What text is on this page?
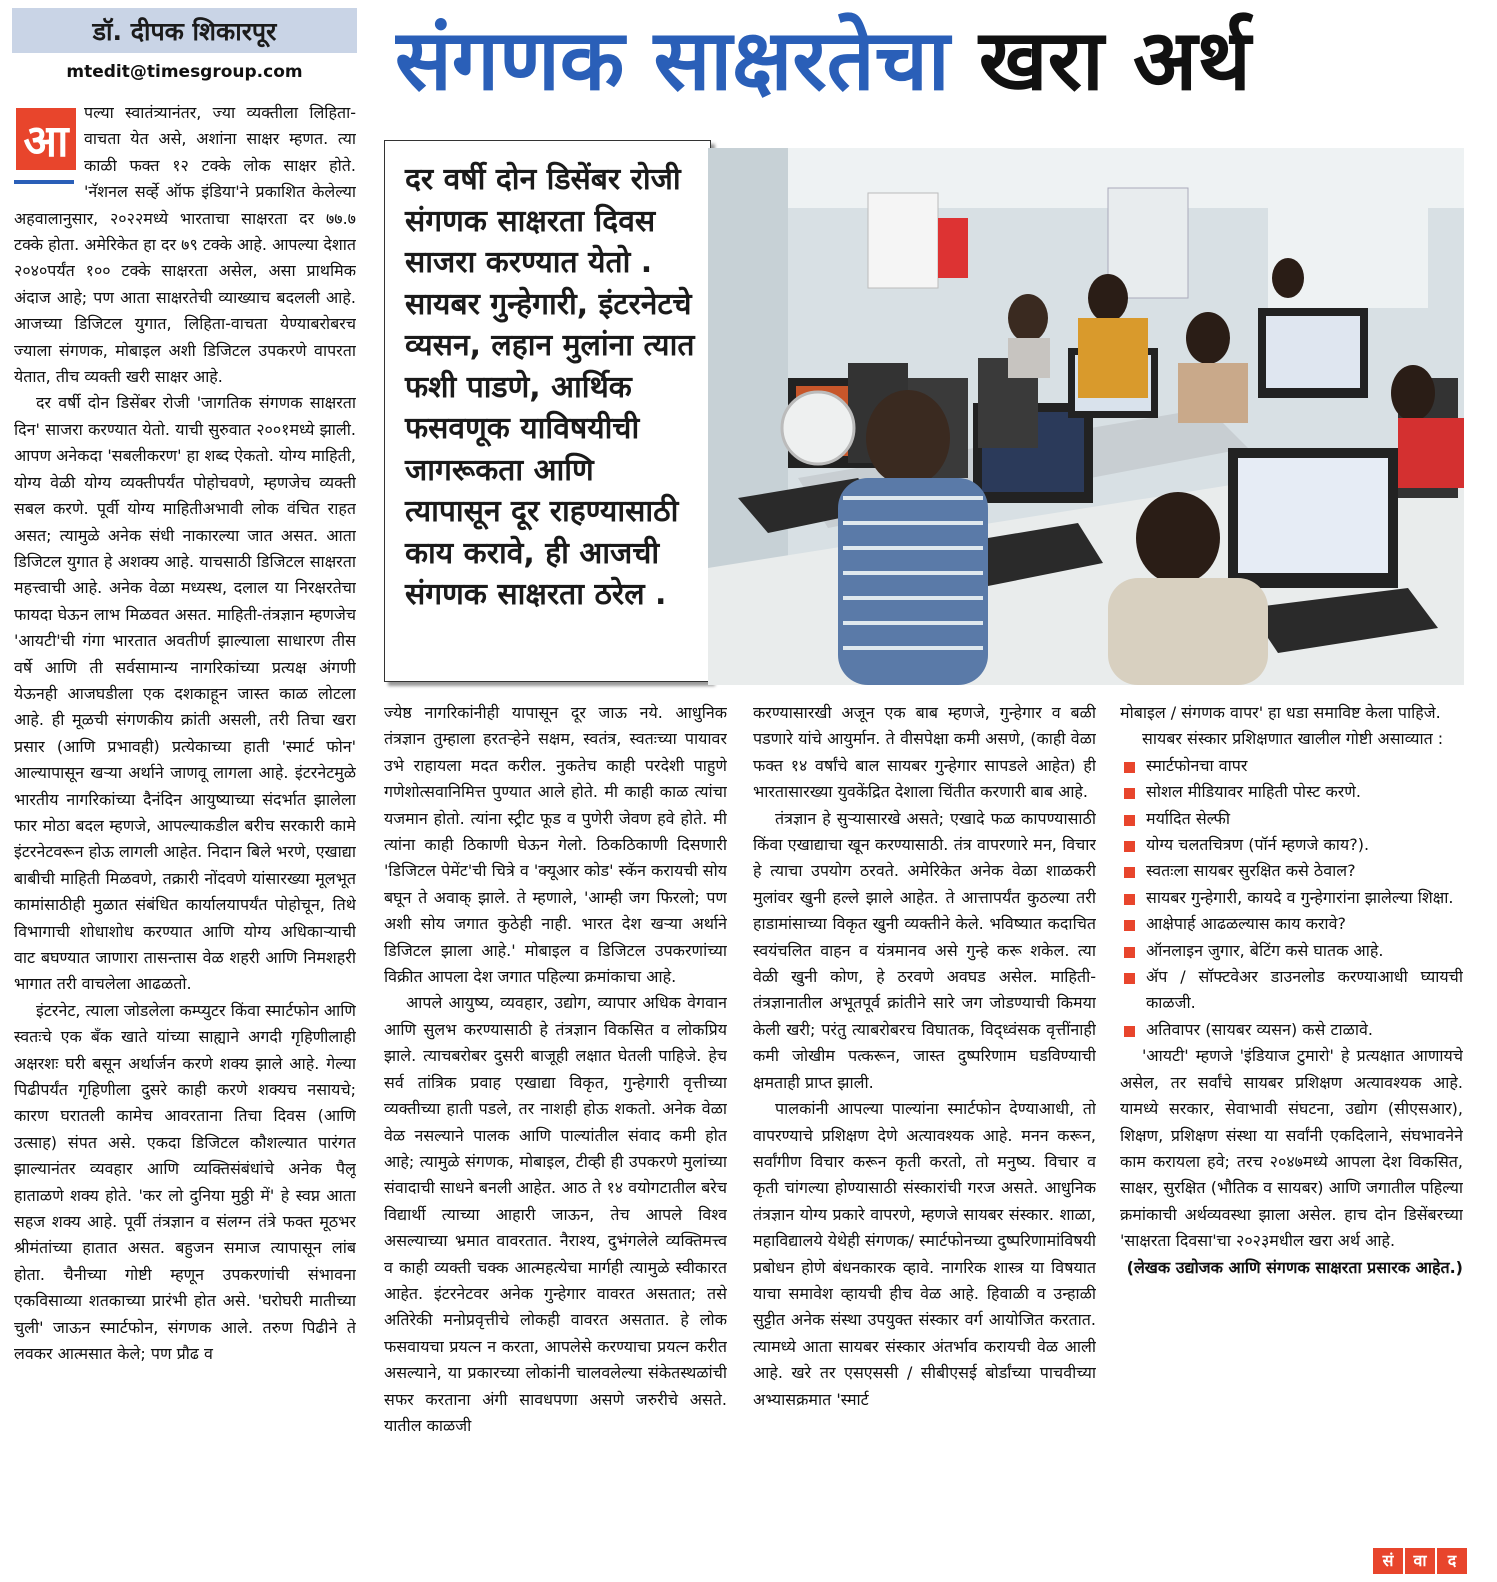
डॉ. दीपक शिकारपूर
mtedit@timesgroup.com	संगणक साक्षरतेचा खरा अर्थ
आ

पल्या स्वातंत्र्यानंतर, ज्या व्यक्तीला लिहिता-वाचता येत असे, अशांना साक्षर म्हणत. त्या काळी फक्त १२ टक्के लोक साक्षर होते. 'नॅशनल सर्व्हे ऑफ इंडिया'ने प्रकाशित केलेल्या अहवालानुसार, २०२२मध्ये भारताचा साक्षरता दर ७७.७ टक्के होता. अमेरिकेत हा दर ७९ टक्के आहे. आपल्या देशात २०४०पर्यंत १०० टक्के साक्षरता असेल, असा प्राथमिक अंदाज आहे; पण आता साक्षरतेची व्याख्याच बदलली आहे. आजच्या डिजिटल युगात, लिहिता-वाचता येण्याबरोबरच ज्याला संगणक, मोबाइल अशी डिजिटल उपकरणे वापरता येतात, तीच व्यक्ती खरी साक्षर आहे.

दर वर्षी दोन डिसेंबर रोजी 'जागतिक संगणक साक्षरता दिन' साजरा करण्यात येतो. याची सुरुवात २००१मध्ये झाली. आपण अनेकदा 'सबलीकरण' हा शब्द ऐकतो. योग्य माहिती, योग्य वेळी योग्य व्यक्तीपर्यंत पोहोचवणे, म्हणजेच व्यक्ती सबल करणे. पूर्वी योग्य माहितीअभावी लोक वंचित राहत असत; त्यामुळे अनेक संधी नाकारल्या जात असत. आता डिजिटल युगात हे अशक्य आहे. याचसाठी डिजिटल साक्षरता महत्त्वाची आहे. अनेक वेळा मध्यस्थ, दलाल या निरक्षरतेचा फायदा घेऊन लाभ मिळवत असत. माहिती-तंत्रज्ञान म्हणजेच 'आयटी'ची गंगा भारतात अवतीर्ण झाल्याला साधारण तीस वर्षे आणि ती सर्वसामान्य नागरिकांच्या प्रत्यक्ष अंगणी येऊनही आजघडीला एक दशकाहून जास्त काळ लोटला आहे. ही मूळची संगणकीय क्रांती असली, तरी तिचा खरा प्रसार (आणि प्रभावही) प्रत्येकाच्या हाती 'स्मार्ट फोन' आल्यापासून खऱ्या अर्थाने जाणवू लागला आहे. इंटरनेटमुळे भारतीय नागरिकांच्या दैनंदिन आयुष्याच्या संदर्भात झालेला फार मोठा बदल म्हणजे, आपल्याकडील बरीच सरकारी कामे इंटरनेटवरून होऊ लागली आहेत. निदान बिले भरणे, एखाद्या बाबीची माहिती मिळवणे, तक्रारी नोंदवणे यांसारख्या मूलभूत कामांसाठीही मुळात संबंधित कार्यालयापर्यंत पोहोचून, तिथे विभागाची शोधाशोध करण्यात आणि योग्य अधिकाऱ्याची वाट बघण्यात जाणारा तासन्तास वेळ शहरी आणि निमशहरी भागात तरी वाचलेला आढळतो.

इंटरनेट, त्याला जोडलेला कम्प्युटर किंवा स्मार्टफोन आणि स्वतःचे एक बँक खाते यांच्या साह्याने अगदी गृहिणीलाही अक्षरशः घरी बसून अर्थार्जन करणे शक्य झाले आहे. गेल्या पिढीपर्यंत गृहिणीला दुसरे काही करणे शक्यच नसायचे; कारण घरातली कामेच आवरताना तिचा दिवस (आणि उत्साह) संपत असे. एकदा डिजिटल कौशल्यात पारंगत झाल्यानंतर व्यवहार आणि व्यक्तिसंबंधांचे अनेक पैलू हाताळणे शक्य होते. 'कर लो दुनिया मुठ्ठी में' हे स्वप्न आता सहज शक्य आहे. पूर्वी तंत्रज्ञान व संलग्न तंत्रे फक्त मूठभर श्रीमंतांच्या हातात असत. बहुजन समाज त्यापासून लांब होता. चैनीच्या गोष्टी म्हणून उपकरणांची संभावना एकविसाव्या शतकाच्या प्रारंभी होत असे. 'घरोघरी मातीच्या चुली' जाऊन स्मार्टफोन, संगणक आले. तरुण पिढीने ते लवकर आत्मसात केले; पण प्रौढ व

दर वर्षी दोन डिसेंबर रोजी संगणक साक्षरता दिवस साजरा करण्यात येतो . सायबर गुन्हेगारी, इंटरनेटचे व्यसन, लहान मुलांना त्यात फशी पाडणे, आर्थिक फसवणूक याविषयीची जागरूकता आणि त्यापासून दूर राहण्यासाठी काय करावे, ही आजची संगणक साक्षरता ठरेल .

ज्येष्ठ नागरिकांनीही यापासून दूर जाऊ नये. आधुनिक तंत्रज्ञान तुम्हाला हरतऱ्हेने सक्षम, स्वतंत्र, स्वतःच्या पायावर उभे राहायला मदत करील. नुकतेच काही परदेशी पाहुणे गणेशोत्सवानिमित्त पुण्यात आले होते. मी काही काळ त्यांचा यजमान होतो. त्यांना स्ट्रीट फूड व पुणेरी जेवण हवे होते. मी त्यांना काही ठिकाणी घेऊन गेलो. ठिकठिकाणी दिसणारी 'डिजिटल पेमेंट'ची चित्रे व 'क्यूआर कोड' स्कॅन करायची सोय बघून ते अवाक् झाले. ते म्हणाले, 'आम्ही जग फिरलो; पण अशी सोय जगात कुठेही नाही. भारत देश खऱ्या अर्थाने डिजिटल झाला आहे.' मोबाइल व डिजिटल उपकरणांच्या विक्रीत आपला देश जगात पहिल्या क्रमांकाचा आहे.

आपले आयुष्य, व्यवहार, उद्योग, व्यापार अधिक वेगवान आणि सुलभ करण्यासाठी हे तंत्रज्ञान विकसित व लोकप्रिय झाले. त्याचबरोबर दुसरी बाजूही लक्षात घेतली पाहिजे. हेच सर्व तांत्रिक प्रवाह एखाद्या विकृत, गुन्हेगारी वृत्तीच्या व्यक्तीच्या हाती पडले, तर नाशही होऊ शकतो. अनेक वेळा वेळ नसल्याने पालक आणि पाल्यांतील संवाद कमी होत आहे; त्यामुळे संगणक, मोबाइल, टीव्ही ही उपकरणे मुलांच्या संवादाची साधने बनली आहेत. आठ ते १४ वयोगटातील बरेच विद्यार्थी त्याच्या आहारी जाऊन, तेच आपले विश्व असल्याच्या भ्रमात वावरतात. नैराश्य, दुभंगलेले व्यक्तिमत्त्व व काही व्यक्ती चक्क आत्महत्येचा मार्गही त्यामुळे स्वीकारत आहेत. इंटरनेटवर अनेक गुन्हेगार वावरत असतात; तसे अतिरेकी मनोप्रवृत्तीचे लोकही वावरत असतात. हे लोक फसवायचा प्रयत्न न करता, आपलेसे करण्याचा प्रयत्न करीत असल्याने, या प्रकारच्या लोकांनी चालवलेल्या संकेतस्थळांची सफर करताना अंगी सावधपणा असणे जरुरीचे असते. यातील काळजी

करण्यासारखी अजून एक बाब म्हणजे, गुन्हेगार व बळी पडणारे यांचे आयुर्मान. ते वीसपेक्षा कमी असणे, (काही वेळा फक्त १४ वर्षांचे बाल सायबर गुन्हेगार सापडले आहेत) ही भारतासारख्या युवकेंद्रित देशाला चिंतीत करणारी बाब आहे.

तंत्रज्ञान हे सुऱ्यासारखे असते; एखादे फळ कापण्यासाठी किंवा एखाद्याचा खून करण्यासाठी. तंत्र वापरणारे मन, विचार हे त्याचा उपयोग ठरवते. अमेरिकेत अनेक वेळा शाळकरी मुलांवर खुनी हल्ले झाले आहेत. ते आत्तापर्यंत कुठल्या तरी हाडामांसाच्या विकृत खुनी व्यक्तीने केले. भविष्यात कदाचित स्वयंचलित वाहन व यंत्रमानव असे गुन्हे करू शकेल. त्या वेळी खुनी कोण, हे ठरवणे अवघड असेल. माहिती-तंत्रज्ञानातील अभूतपूर्व क्रांतीने सारे जग जोडण्याची किमया केली खरी; परंतु त्याबरोबरच विघातक, विद्ध्वंसक वृत्तींनाही कमी जोखीम पत्करून, जास्त दुष्परिणाम घडविण्याची क्षमताही प्राप्त झाली.

पालकांनी आपल्या पाल्यांना स्मार्टफोन देण्याआधी, तो वापरण्याचे प्रशिक्षण देणे अत्यावश्यक आहे. मनन करून, सर्वांगीण विचार करून कृती करतो, तो मनुष्य. विचार व कृती चांगल्या होण्यासाठी संस्कारांची गरज असते. आधुनिक तंत्रज्ञान योग्य प्रकारे वापरणे, म्हणजे सायबर संस्कार. शाळा, महाविद्यालये येथेही संगणक/ स्मार्टफोनच्या दुष्परिणामांविषयी प्रबोधन होणे बंधनकारक व्हावे. नागरिक शास्त्र या विषयात याचा समावेश व्हायची हीच वेळ आहे. हिवाळी व उन्हाळी सुट्टीत अनेक संस्था उपयुक्त संस्कार वर्ग आयोजित करतात. त्यामध्ये आता सायबर संस्कार अंतर्भाव करायची वेळ आली आहे. खरे तर एसएससी / सीबीएसई बोर्डांच्या पाचवीच्या अभ्यासक्रमात 'स्मार्ट

मोबाइल / संगणक वापर' हा धडा समाविष्ट केला पाहिजे.

सायबर संस्कार प्रशिक्षणात खालील गोष्टी असाव्यात :

स्मार्टफोनचा वापर
सोशल मीडियावर माहिती पोस्ट करणे.
मर्यादित सेल्फी
योग्य चलतचित्रण (पॉर्न म्हणजे काय?).
स्वतःला सायबर सुरक्षित कसे ठेवाल?
सायबर गुन्हेगारी, कायदे व गुन्हेगारांना झालेल्या शिक्षा.
आक्षेपार्ह आढळल्यास काय करावे?
ऑनलाइन जुगार, बेटिंग कसे घातक आहे.
ॲप / सॉफ्टवेअर डाउनलोड करण्याआधी घ्यायची काळजी.
अतिवापर (सायबर व्यसन) कसे टाळावे.

'आयटी' म्हणजे 'इंडियाज टुमारो' हे प्रत्यक्षात आणायचे असेल, तर सर्वांचे सायबर प्रशिक्षण अत्यावश्यक आहे. यामध्ये सरकार, सेवाभावी संघटना, उद्योग (सीएसआर), शिक्षण, प्रशिक्षण संस्था या सर्वांनी एकदिलाने, संघभावनेने काम करायला हवे; तरच २०४७मध्ये आपला देश विकसित, साक्षर, सुरक्षित (भौतिक व सायबर) आणि जगातील पहिल्या क्रमांकाची अर्थव्यवस्था झाला असेल. हाच दोन डिसेंबरच्या 'साक्षरता दिवसा'चा २०२३मधील खरा अर्थ आहे.

(लेखक उद्योजक आणि संगणक साक्षरता प्रसारक आहेत.)
सं	वा	द
